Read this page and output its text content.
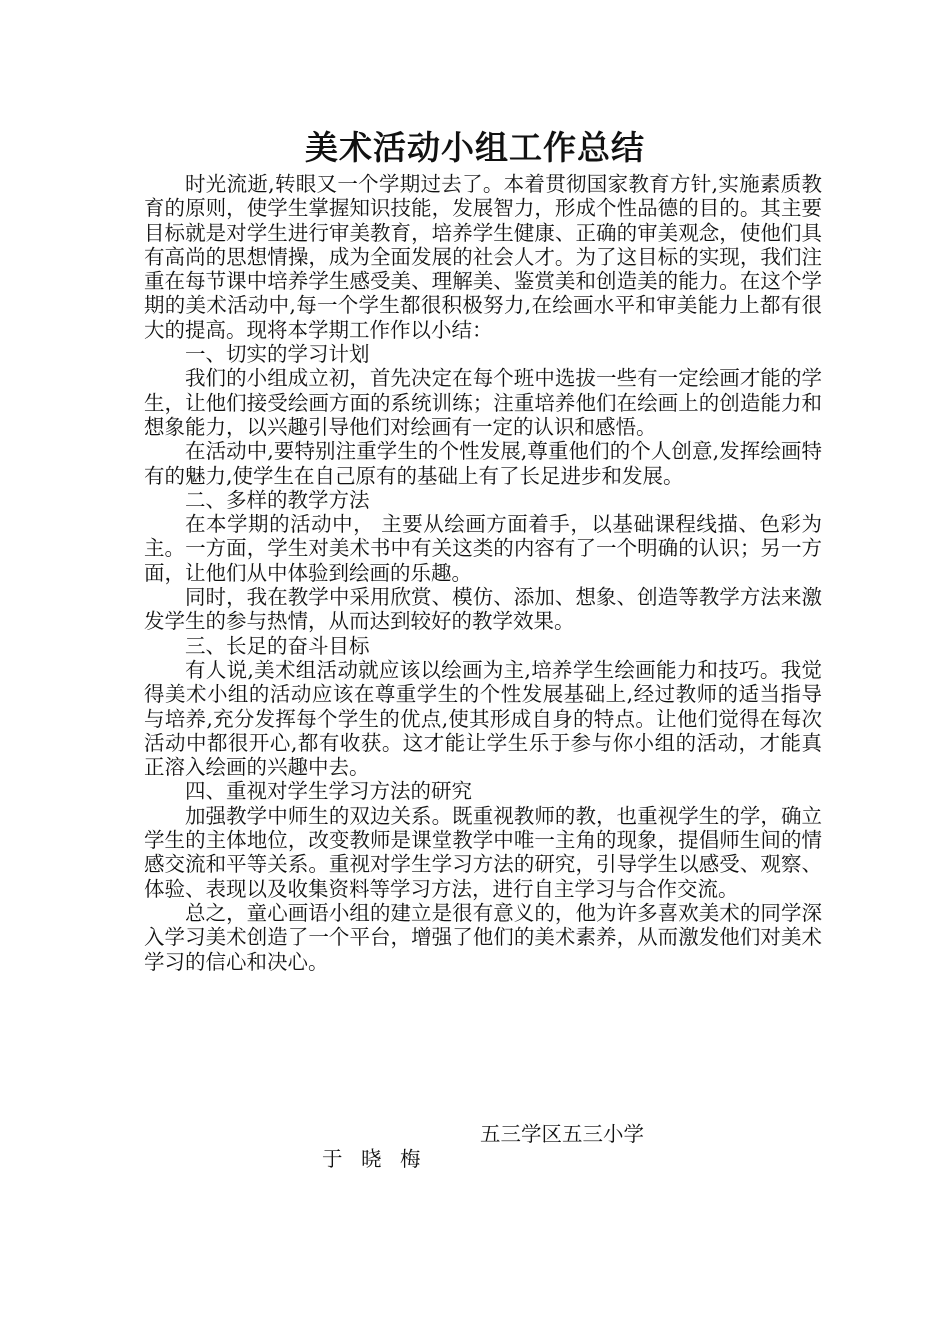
美术活动小组工作总结

时光流逝,转眼又一个学期过去了。本着贯彻国家教育方针,实施素质教育的原则，使学生掌握知识技能，发展智力，形成个性品德的目的。其主要目标就是对学生进行审美教育，培养学生健康、正确的审美观念，使他们具有高尚的思想情操，成为全面发展的社会人才。为了这目标的实现，我们注重在每节课中培养学生感受美、理解美、鉴赏美和创造美的能力。在这个学期的美术活动中,每一个学生都很积极努力,在绘画水平和审美能力上都有很大的提高。现将本学期工作作以小结：

一、切实的学习计划

我们的小组成立初，首先决定在每个班中选拔一些有一定绘画才能的学生，让他们接受绘画方面的系统训练；注重培养他们在绘画上的创造能力和想象能力，以兴趣引导他们对绘画有一定的认识和感悟。

在活动中,要特别注重学生的个性发展,尊重他们的个人创意,发挥绘画特有的魅力,使学生在自己原有的基础上有了长足进步和发展。

二、多样的教学方法

在本学期的活动中， 主要从绘画方面着手，以基础课程线描、色彩为主。一方面，学生对美术书中有关这类的内容有了一个明确的认识；另一方面，让他们从中体验到绘画的乐趣。

同时，我在教学中采用欣赏、模仿、添加、想象、创造等教学方法来激发学生的参与热情，从而达到较好的教学效果。

三、长足的奋斗目标

有人说,美术组活动就应该以绘画为主,培养学生绘画能力和技巧。我觉得美术小组的活动应该在尊重学生的个性发展基础上,经过教师的适当指导与培养,充分发挥每个学生的优点,使其形成自身的特点。让他们觉得在每次活动中都很开心,都有收获。这才能让学生乐于参与你小组的活动，才能真正溶入绘画的兴趣中去。

四、重视对学生学习方法的研究

加强教学中师生的双边关系。既重视教师的教，也重视学生的学，确立学生的主体地位，改变教师是课堂教学中唯一主角的现象，提倡师生间的情感交流和平等关系。重视对学生学习方法的研究，引导学生以感受、观察、体验、表现以及收集资料等学习方法，进行自主学习与合作交流。

总之，童心画语小组的建立是很有意义的，他为许多喜欢美术的同学深入学习美术创造了一个平台，增强了他们的美术素养，从而激发他们对美术学习的信心和决心。

五三学区五三小学
于 晓 梅
